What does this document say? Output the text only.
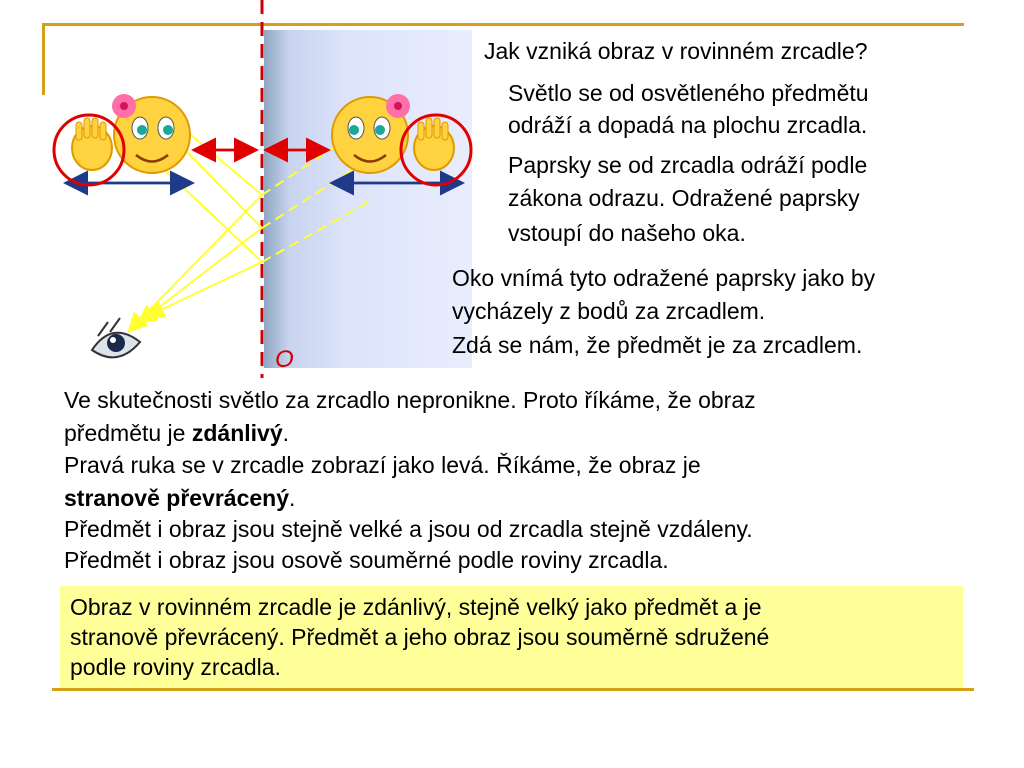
O
Jak vzniká obraz v rovinném zrcadle?
Světlo se od osvětleného předmětu
odráží a dopadá na plochu zrcadla.
Paprsky se od zrcadla odráží podle
zákona odrazu. Odražené paprsky
vstoupí do našeho oka.
Oko vnímá tyto odražené paprsky jako by
vycházely z bodů za zrcadlem.
Zdá se nám, že předmět je za zrcadlem.
Ve skutečnosti světlo za zrcadlo nepronikne. Proto říkáme, že obraz
předmětu je zdánlivý.
Pravá ruka se v zrcadle zobrazí jako levá. Říkáme, že obraz je
stranově převrácený.
Předmět i obraz jsou stejně velké a jsou od zrcadla stejně vzdáleny.
Předmět i obraz jsou osově souměrné podle roviny zrcadla.

Obraz v rovinném zrcadle je zdánlivý, stejně velký jako předmět a je

stranově převrácený. Předmět a jeho obraz jsou souměrně sdružené

podle roviny zrcadla.
